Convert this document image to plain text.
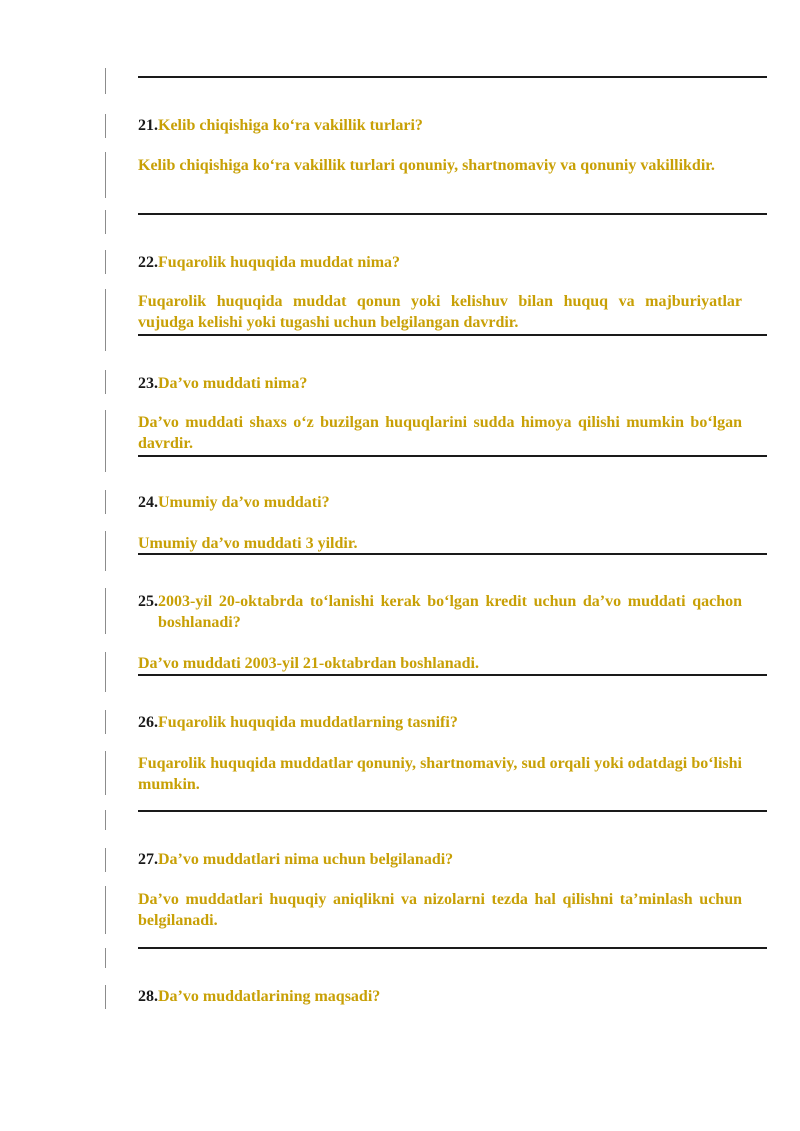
21. Kelib chiqishiga ko‘ra vakillik turlari?

Kelib chiqishiga ko‘ra vakillik turlari qonuniy, shartnomaviy va qonuniy vakillikdir.

22. Fuqarolik huquqida muddat nima?

Fuqarolik huquqida muddat qonun yoki kelishuv bilan huquq va majburiyatlar vujudga kelishi yoki tugashi uchun belgilangan davrdir.

23. Da’vo muddati nima?

Da’vo muddati shaxs o‘z buzilgan huquqlarini sudda himoya qilishi mumkin bo‘lgan davrdir.

24. Umumiy da’vo muddati?

Umumiy da’vo muddati 3 yildir.

25. 2003-yil 20-oktabrda to‘lanishi kerak bo‘lgan kredit uchun da’vo muddati qachon boshlanadi?

Da’vo muddati 2003-yil 21-oktabrdan boshlanadi.

26. Fuqarolik huquqida muddatlarning tasnifi?

Fuqarolik huquqida muddatlar qonuniy, shartnomaviy, sud orqali yoki odatdagi bo‘lishi mumkin.

27. Da’vo muddatlari nima uchun belgilanadi?

Da’vo muddatlari huquqiy aniqlikni va nizolarni tezda hal qilishni ta’minlash uchun belgilanadi.

28. Da’vo muddatlarining maqsadi?
